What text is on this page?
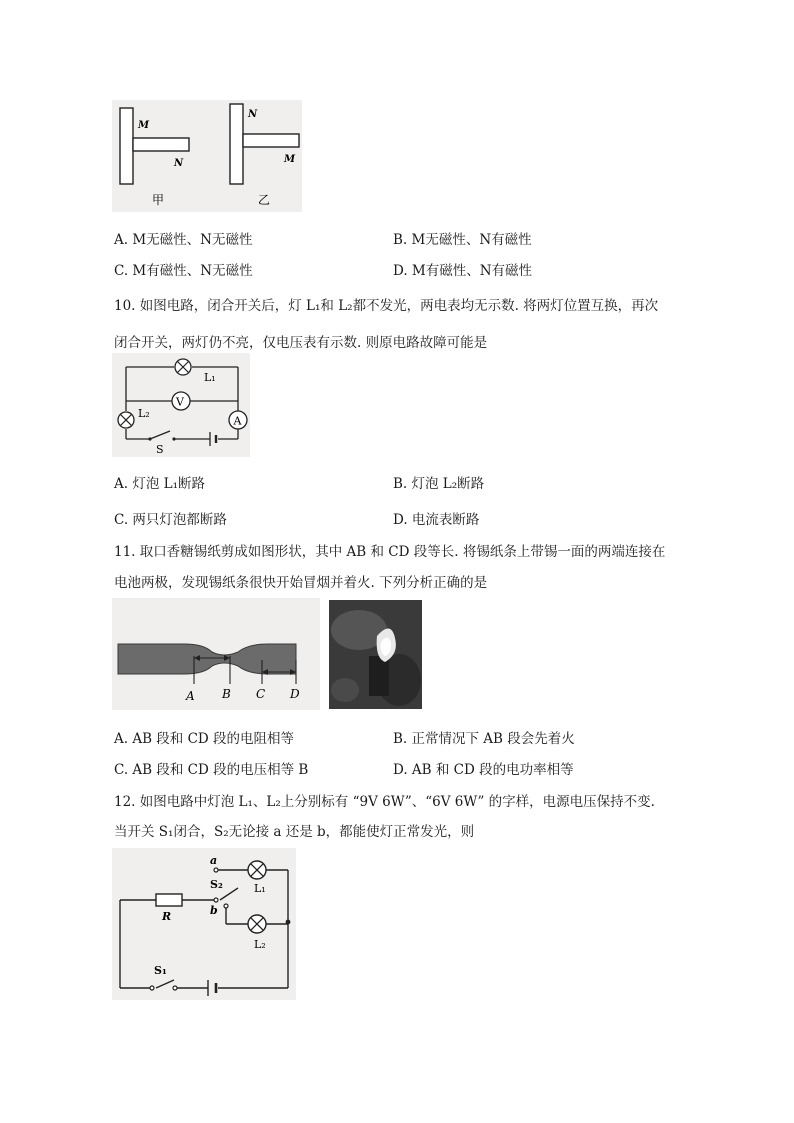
M
N
甲
N
M
乙
A. M无磁性、N无磁性	B. M无磁性、N有磁性
C. M有磁性、N无磁性	D. M有磁性、N有磁性
10. 如图电路，闭合开关后，灯 L₁和 L₂都不发光，两电表均无示数. 将两灯位置互换，再次
闭合开关，两灯仍不亮，仅电压表有示数. 则原电路故障可能是
V
A
L₁
L₂
S
A. 灯泡 L₁断路	B. 灯泡 L₂断路
C. 两只灯泡都断路	D. 电流表断路
11. 取口香糖锡纸剪成如图形状，其中 AB 和 CD 段等长. 将锡纸条上带锡一面的两端连接在
电池两极，发现锡纸条很快开始冒烟并着火. 下列分析正确的是
A B C D
A. AB 段和 CD 段的电阻相等	B. 正常情况下 AB 段会先着火
C. AB 段和 CD 段的电压相等 B	D. AB 和 CD 段的电功率相等
12. 如图电路中灯泡 L₁、L₂上分别标有 “9V 6W”、“6V 6W” 的字样，电源电压保持不变.
当开关 S₁闭合，S₂无论接 a 还是 b，都能使灯正常发光，则
a
S₂
b
L₁
L₂
R
S₁
